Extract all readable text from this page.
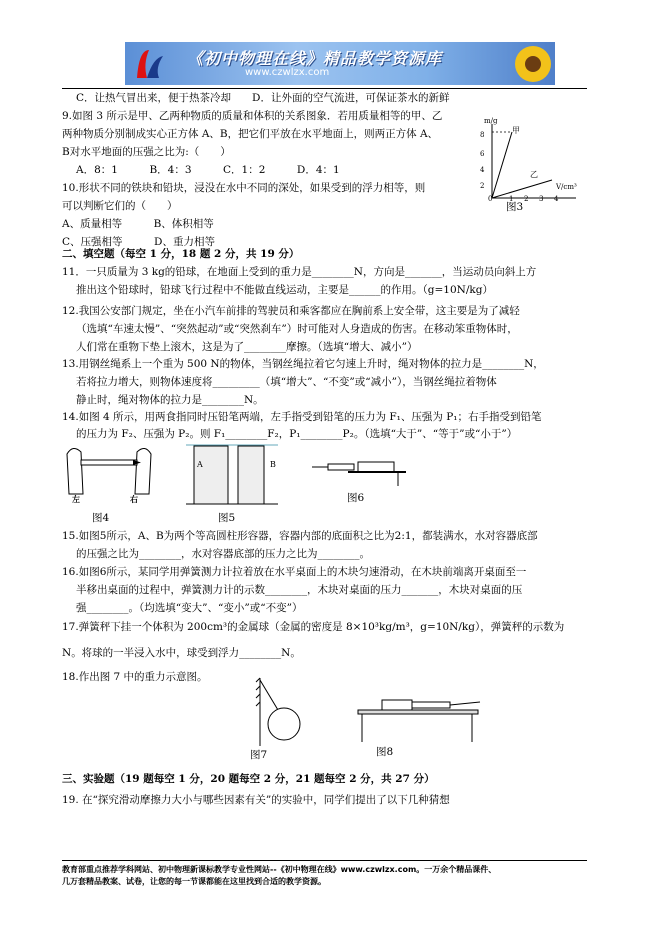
《初中物理在线》精品教学资源库
www.czwlzx.com
C．让热气冒出来，便于热茶冷却　　D．让外面的空气流进，可保证茶水的新鲜
9.如图 3 所示是甲、乙两种物质的质量和体积的关系图象．若用质量相等的甲、乙
两种物质分别制成实心正方体 A、B，把它们平放在水平地面上，则两正方体 A、
B对水平地面的压强之比为:（　　）
A．8：1　　　B．4：3　　　C．1：2　　　D．4：1
10.形状不同的铁块和铅块，浸没在水中不同的深处，如果受到的浮力相等，则
可以判断它们的（　　）
A、质量相等　　　B、体积相等
C、压强相等　　　D、重力相等
二、填空题（每空 1 分，18 题 2 分，共 19 分）
11．一只质量为 3 kg的铅球，在地面上受到的重力是________N，方向是_______，当运动员向斜上方
推出这个铅球时，铅球飞行过程中不能做直线运动，主要是______的作用。（g=10N/kg）
12.我国公安部门规定，坐在小汽车前排的驾驶员和乘客都应在胸前系上安全带，这主要是为了减轻
（选填“车速太慢”、“突然起动”或“突然刹车”）时可能对人身造成的伤害。在移动笨重物体时，
人们常在重物下垫上滚木，这是为了________摩擦。（选填“增大、减小”）
13.用钢丝绳系上一个重为 500 N的物体，当钢丝绳拉着它匀速上升时，绳对物体的拉力是________N，
若将拉力增大，则物体速度将_________（填“增大”、“不变”或“减小”），当钢丝绳拉着物体
静止时，绳对物体的拉力是________N。
14.如图 4 所示，用两食指同时压铅笔两端，左手指受到铅笔的压力为 F₁、压强为 P₁；右手指受到铅笔
的压力为 F₂、压强为 P₂。则 F₁________F₂，P₁________P₂。（选填“大于”、“等于”或“小于”）
m/g
8
6
4
2
0 1 2 3 4
V/cm³
甲
乙
图3
左	右
图4
A	B
图5
图6
15.如图5所示，A、B为两个等高圆柱形容器，容器内部的底面积之比为2:1，都装满水，水对容器底部
的压强之比为________，水对容器底部的压力之比为________。
16.如图6所示，某同学用弹簧测力计拉着放在水平桌面上的木块匀速滑动，在木块前端离开桌面至一
半移出桌面的过程中，弹簧测力计的示数________，木块对桌面的压力_______，木块对桌面的压
强________。（均选填“变大”、“变小”或“不变”）
17.弹簧秤下挂一个体积为 200cm³的金属球（金属的密度是 8×10³kg/m³，g=10N/kg），弹簧秤的示数为
N。将球的一半浸入水中，球受到浮力________N。
18.作出图 7 中的重力示意图。
图7	图8
三、实验题（19 题每空 1 分，20 题每空 2 分，21 题每空 2 分，共 27 分）
19. 在“探究滑动摩擦力大小与哪些因素有关”的实验中，同学们提出了以下几种猜想
教育部重点推荐学科网站、初中物理新课标教学专业性网站--《初中物理在线》www.czwlzx.com。一万余个精品课件、
几万套精品教案、试卷，让您的每一节课都能在这里找到合适的教学资源。
